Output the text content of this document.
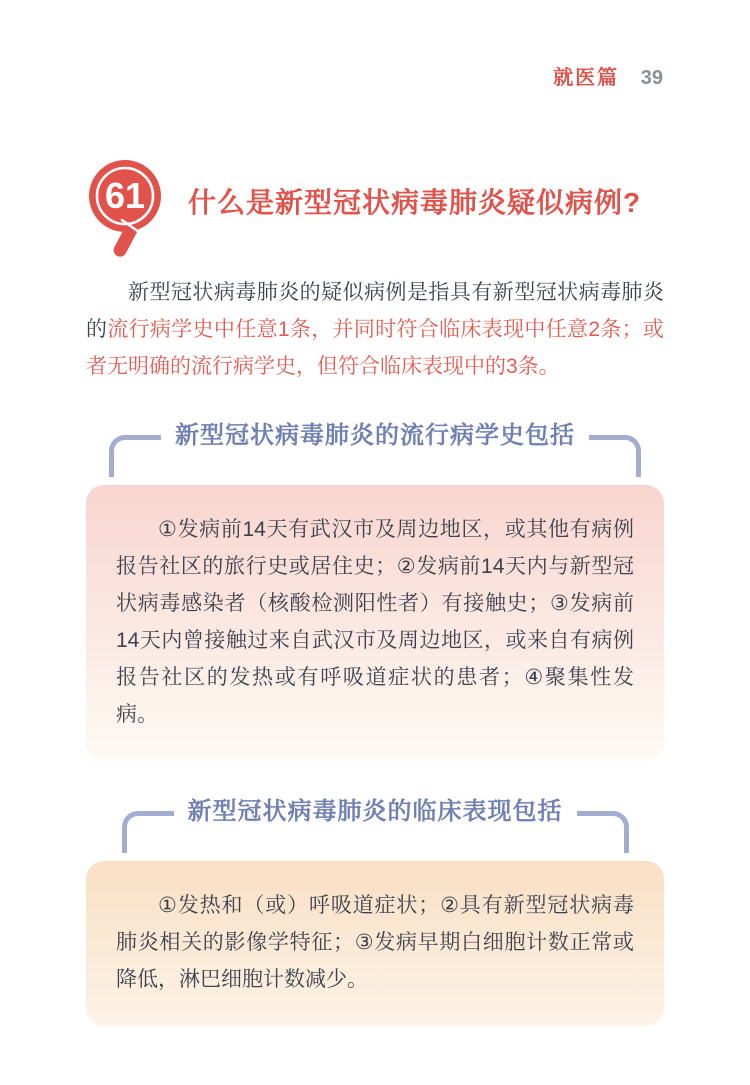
就医篇 39
61 什么是新型冠状病毒肺炎疑似病例?

新型冠状病毒肺炎的疑似病例是指具有新型冠状病毒肺炎的流行病学史中任意1条，并同时符合临床表现中任意2条；或者无明确的流行病学史，但符合临床表现中的3条。

新型冠状病毒肺炎的流行病学史包括

①发病前14天有武汉市及周边地区，或其他有病例报告社区的旅行史或居住史；②发病前14天内与新型冠状病毒感染者（核酸检测阳性者）有接触史；③发病前14天内曾接触过来自武汉市及周边地区，或来自有病例报告社区的发热或有呼吸道症状的患者；④聚集性发病。

新型冠状病毒肺炎的临床表现包括

①发热和（或）呼吸道症状；②具有新型冠状病毒肺炎相关的影像学特征；③发病早期白细胞计数正常或降低，淋巴细胞计数减少。
